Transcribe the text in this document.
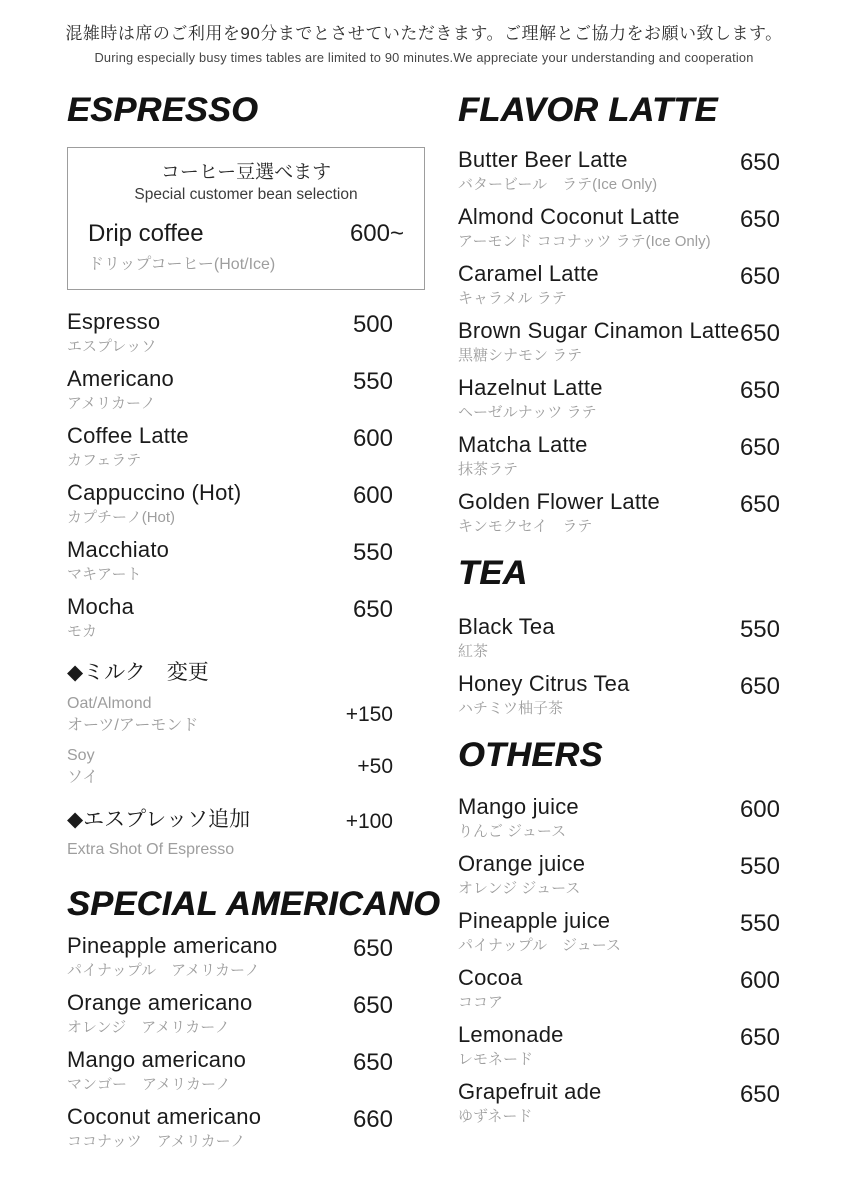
混雑時は席のご利用を90分までとさせていただきます。ご理解とご協力をお願い致します。
During especially busy times tables are limited to 90 minutes.We appreciate your understanding and cooperation
ESPRESSO
コーヒー豆選べます
Special customer bean selection
Drip coffee	600~
ドリップコーヒー(Hot/Ice)
Espresso	500
エスプレッソ
Americano	550
アメリカーノ
Coffee Latte	600
カフェラテ
Cappuccino (Hot)	600
カプチーノ(Hot)
Macchiato	550
マキアート
Mocha	650
モカ
◆ミルク　変更
Oat/Almond
オーツ/アーモンド	+150
Soy
ソイ	+50
◆エスプレッソ追加	+100
Extra Shot Of Espresso
SPECIAL AMERICANO
Pineapple americano	650
パイナップル　アメリカーノ
Orange americano	650
オレンジ　アメリカーノ
Mango americano	650
マンゴー　アメリカーノ
Coconut americano	660
ココナッツ　アメリカーノ
FLAVOR LATTE
Butter Beer Latte	650
バタービール　ラテ(Ice Only)
Almond Coconut Latte	650
アーモンド ココナッツ ラテ(Ice Only)
Caramel Latte	650
キャラメル ラテ
Brown Sugar Cinamon Latte 650
黒糖シナモン ラテ
Hazelnut Latte	650
ヘーゼルナッツ ラテ
Matcha Latte	650
抹茶ラテ
Golden Flower Latte	650
キンモクセイ　ラテ
TEA
Black Tea	550
紅茶
Honey Citrus Tea	650
ハチミツ柚子茶
OTHERS
Mango juice	600
りんご ジュース
Orange juice	550
オレンジ ジュース
Pineapple juice	550
パイナップル　ジュース
Cocoa	600
ココア
Lemonade	650
レモネード
Grapefruit ade	650
ゆずネード
